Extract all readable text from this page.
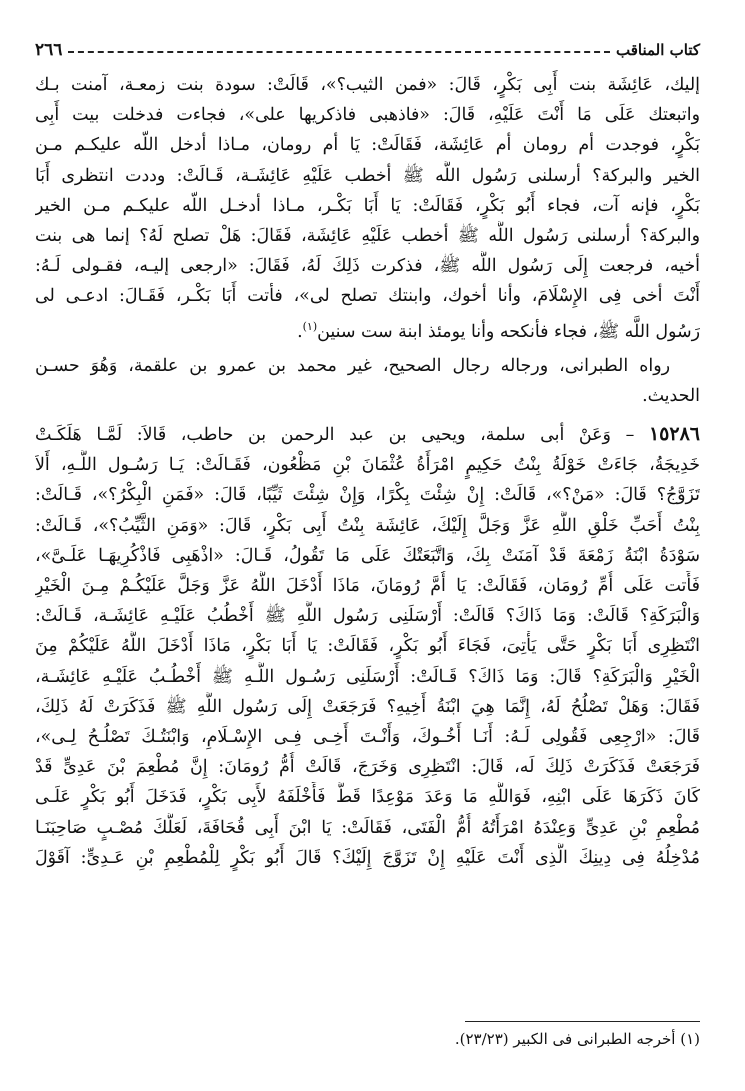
كتاب المناقب
٢٦٦
إليك، عَائِشَة بنت أَبِى بَكْرٍ، قَالَ: «فمن الثيب؟»، قَالَتْ: سودة بنت زمعـة، آمنت بـك
واتبعتك عَلَى مَا أَنْتَ عَلَيْهِ، قَالَ: «فاذهبى فاذكريها على»، فجاءت فدخلت بيت أَبِى
بَكْرٍ، فوجدت أم رومان أم عَائِشَة، فَقَالَتْ: يَا أم رومان، مـاذا أدخل اللّه عليكـم مـن
الخير والبركة؟ أرسلنى رَسُول اللَّه ﷺ أخطب عَلَيْهِ عَائِشَـة، قَـالَتْ: وددت انتظرى أَبَا
بَكْرٍ، فإنه آت، فجاء أَبُو بَكْرٍ، فَقَالَتْ: يَا أَبَا بَكْـر، مـاذا أدخـل اللّه عليكـم مـن الخير
والبركة؟ أرسلنى رَسُول اللَّه ﷺ أخطب عَلَيْهِ عَائِشَة، فَقَالَ: هَلْ تصلح لَهُ؟ إنما هى بنت
أخيه، فرجعت إِلَى رَسُول اللَّه ﷺ، فذكرت ذَلِكَ لَهُ، فَقَالَ: «ارجعى إليـه، فقـولى لَـهُ:
أَنْتَ أخى فِى الإِسْلَامَ، وأنا أخوك، وابنتك تصلح لى»، فأتت أَبَا بَكْـر، فَقَـالَ: ادعـى لى
رَسُول اللَّه ﷺ، فجاء فأنكحه وأنا يومئذ ابنة ست سنين$^{(١)}$.
رواه الطبرانى، ورجاله رجال الصحيح، غير محمد بن عمرو بن علقمة، وَهُوَ حسـن
الحديث.
١٥٢٨٦ – وَعَنْ أبى سلمة، ويحيى بن عبد الرحمن بن حاطب، قَالاَ: لَمَّـا هَلَكَـتْ
خَدِيجَةُ، جَاءَتْ خَوْلَةُ بِنْتُ حَكِيمٍ امْرَأَةُ عُثْمَانَ بْنِ مَظْعُون، فَقَـالَتْ: يَـا رَسُـول اللَّـهِ، أَلاَ
تَزَوَّجُ؟ قَالَ: «مَنْ؟»، قَالَتْ: إِنْ شِئْتَ بِكْرًا، وَإِنْ شِئْتَ ثَيِّبًا، قَالَ: «فَمَنِ الْبِكْرُ؟»، قَـالَتْ:
بِنْتُ أَحَبِّ خَلْقِ اللَّهِ عَزَّ وَجَلَّ إِلَيْكَ، عَائِشَة بِنْتُ أَبِى بَكْرٍ، قَالَ: «وَمَنِ الثَّيِّبُ؟»، قَـالَتْ:
سَوْدَةُ ابْنَةُ زَمْعَةَ قَدْ آمَنَتْ بِكَ، وَاتَّبَعَتْكَ عَلَى مَا تَقُولُ، قَـالَ: «اذْهَبِى فَاذْكُرِيهَـا عَلَـىَّ»،
فَأَتت عَلَى أُمِّ رُومَان، فَقَالَتْ: يَا أُمَّ رُومَانَ، مَاذَا أَدْخَلَ اللَّهُ عَزَّ وَجَلَّ عَلَيْكُـمْ مِـنَ الْخَيْرِ
وَالْبَرَكَةِ؟ قَالَتْ: وَمَا ذَاكَ؟ قَالَتْ: أَرْسَلَنِى رَسُول اللَّهِ ﷺ أَخْطُبُ عَلَيْـهِ عَائِشَـة، قَـالَتْ:
انْتَظِرِى أَبَا بَكْرٍ حَتَّى يَأْتِىَ، فَجَاءَ أَبُو بَكْرٍ، فَقَالَتْ: يَا أَبَا بَكْرٍ، مَاذَا أَدْخَلَ اللَّهُ عَلَيْكُمْ مِنَ
الْخَيْرِ وَالْبَرَكَةِ؟ قَالَ: وَمَا ذَاكَ؟ قَـالَتْ: أَرْسَلَنِى رَسُـول اللَّـهِ ﷺ أَخْطُـبُ عَلَيْـهِ عَائِشَـة،
فَقَالَ: وَهَلْ تَصْلُحُ لَهُ، إِنَّمَا هِيَ ابْنَةُ أَخِيهِ؟ فَرَجَعَتْ إِلَى رَسُول اللَّهِ ﷺ فَذَكَرَتْ لَهُ ذَلِكَ،
قَالَ: «ارْجِعِى فَقُولِى لَـهُ: أَنَـا أَخُـوكَ، وَأَنْـتَ أَخِـى فِـى الإِسْـلَامِ، وَابْنَتُـكَ تَصْلُـحُ لِـى»،
فَرَجَعَتْ فَذَكَرَتْ ذَلِكَ لَه، قَالَ: انْتَظِرِى وَخَرَجَ، قَالَتْ أُمُّ رُومَانَ: إِنَّ مُطْعِمَ بْنَ عَدِىٍّ قَدْ
كَانَ ذَكَرَهَا عَلَى ابْنِهِ، فَوَاللَّهِ مَا وَعَدَ مَوْعِدًا قَطُّ فَأَخْلَفَهُ لأَبِى بَكْرٍ، فَدَخَلَ أَبُو بَكْرٍ عَلَـى
مُطْعِمِ بْنِ عَدِىٍّ وَعِنْدَهُ امْرَأَتُهُ أُمُّ الْفَتَى، فَقَالَتْ: يَا ابْنَ أَبِى قُحَافَةَ، لَعَلَّكَ مُصْـبٍ صَاحِبَنَـا
مُدْخِلُهُ فِى دِينِكَ الَّذِى أَنْتَ عَلَيْهِ إِنْ تَزَوَّجَ إِلَيْكَ؟ قَالَ أَبُو بَكْرٍ لِلْمُطْعِمِ بْنِ عَـدِىٍّ: آقَوْلَ
(١) أخرجه الطبرانى فى الكبير (٢٣/٢٣).
